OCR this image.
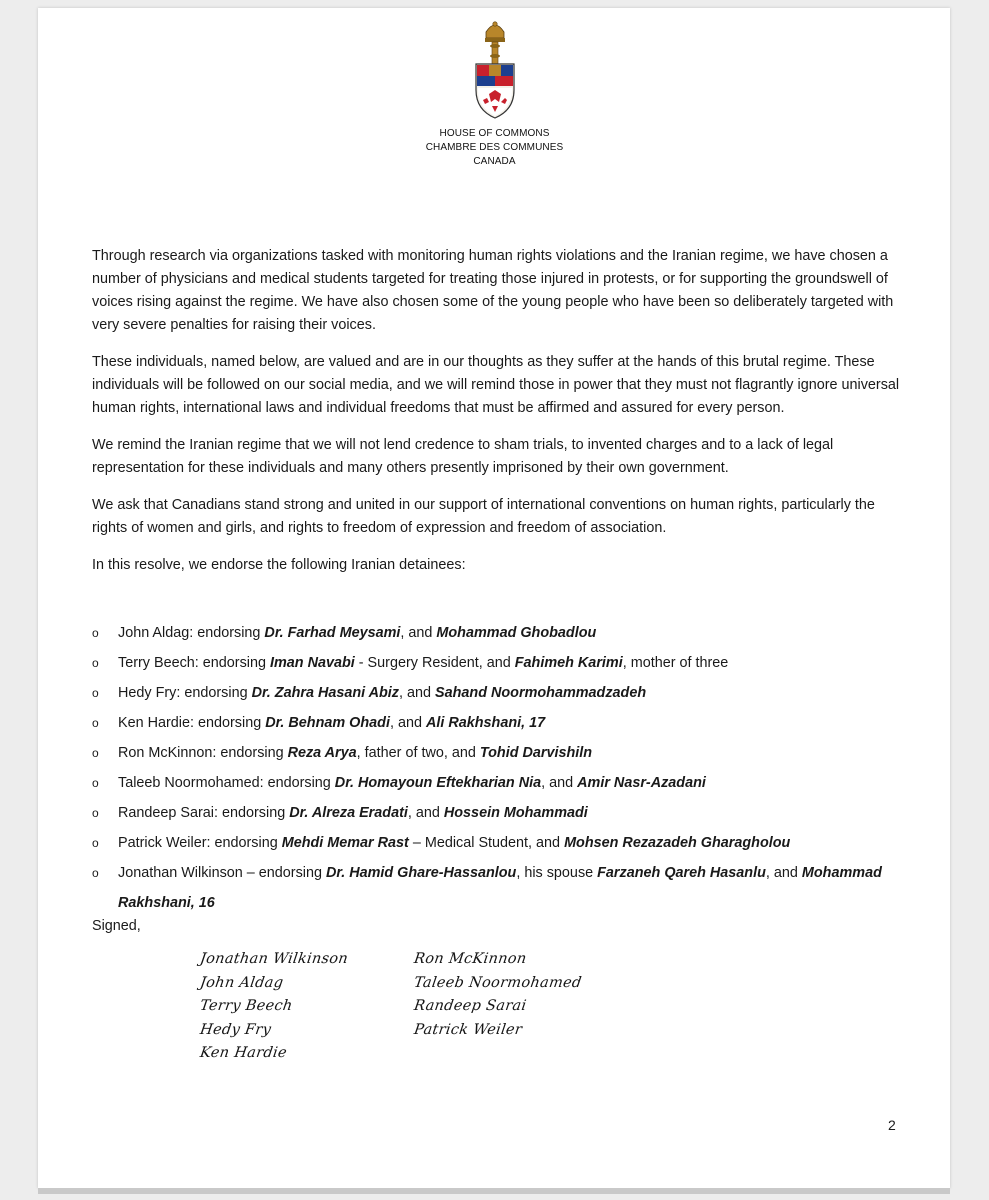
HOUSE OF COMMONS
CHAMBRE DES COMMUNES
CANADA

Through research via organizations tasked with monitoring human rights violations and the Iranian regime, we have chosen a number of physicians and medical students targeted for treating those injured in protests, or for supporting the groundswell of voices rising against the regime. We have also chosen some of the young people who have been so deliberately targeted with very severe penalties for raising their voices.

These individuals, named below, are valued and are in our thoughts as they suffer at the hands of this brutal regime. These individuals will be followed on our social media, and we will remind those in power that they must not flagrantly ignore universal human rights, international laws and individual freedoms that must be affirmed and assured for every person.

We remind the Iranian regime that we will not lend credence to sham trials, to invented charges and to a lack of legal representation for these individuals and many others presently imprisoned by their own government.

We ask that Canadians stand strong and united in our support of international conventions on human rights, particularly the rights of women and girls, and rights to freedom of expression and freedom of association.

In this resolve, we endorse the following Iranian detainees:

o John Aldag: endorsing Dr. Farhad Meysami, and Mohammad Ghobadlou
o Terry Beech: endorsing Iman Navabi - Surgery Resident, and Fahimeh Karimi, mother of three
o Hedy Fry: endorsing Dr. Zahra Hasani Abiz, and Sahand Noormohammadzadeh
o Ken Hardie: endorsing Dr. Behnam Ohadi, and Ali Rakhshani, 17
o Ron McKinnon: endorsing Reza Arya, father of two, and Tohid Darvishiln
o Taleeb Noormohamed: endorsing Dr. Homayoun Eftekharian Nia, and Amir Nasr-Azadani
o Randeep Sarai: endorsing Dr. Alreza Eradati, and Hossein Mohammadi
o Patrick Weiler: endorsing Mehdi Memar Rast – Medical Student, and Mohsen Rezazadeh Gharagholou
o Jonathan Wilkinson – endorsing Dr. Hamid Ghare-Hassanlou, his spouse Farzaneh Qareh Hasanlu, and Mohammad Rakhshani, 16
Signed,
Jonathan Wilkinson
John Aldag
Terry Beech
Hedy Fry
Ken Hardie
Ron McKinnon
Taleeb Noormohamed
Randeep Sarai
Patrick Weiler
2
